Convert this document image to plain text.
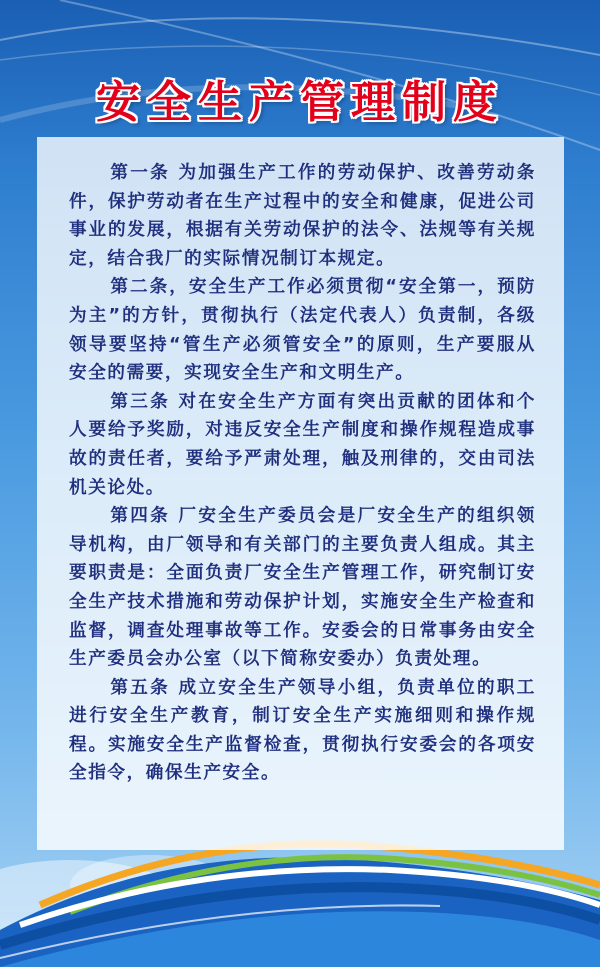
安全生产管理制度

第一条 为加强生产工作的劳动保护、改善劳动条件，保护劳动者在生产过程中的安全和健康，促进公司事业的发展，根据有关劳动保护的法令、法规等有关规定，结合我厂的实际情况制订本规定。

第二条，安全生产工作必须贯彻“安全第一，预防为主”的方针，贯彻执行（法定代表人）负责制，各级领导要坚持“管生产必须管安全”的原则，生产要服从安全的需要，实现安全生产和文明生产。

第三条 对在安全生产方面有突出贡献的团体和个人要给予奖励，对违反安全生产制度和操作规程造成事故的责任者，要给予严肃处理，触及刑律的，交由司法机关论处。

第四条 厂安全生产委员会是厂安全生产的组织领导机构，由厂领导和有关部门的主要负责人组成。其主要职责是：全面负责厂安全生产管理工作，研究制订安全生产技术措施和劳动保护计划，实施安全生产检查和监督，调查处理事故等工作。安委会的日常事务由安全生产委员会办公室（以下简称安委办）负责处理。

第五条 成立安全生产领导小组，负责单位的职工进行安全生产教育，制订安全生产实施细则和操作规程。实施安全生产监督检查，贯彻执行安委会的各项安全指令，确保生产安全。
